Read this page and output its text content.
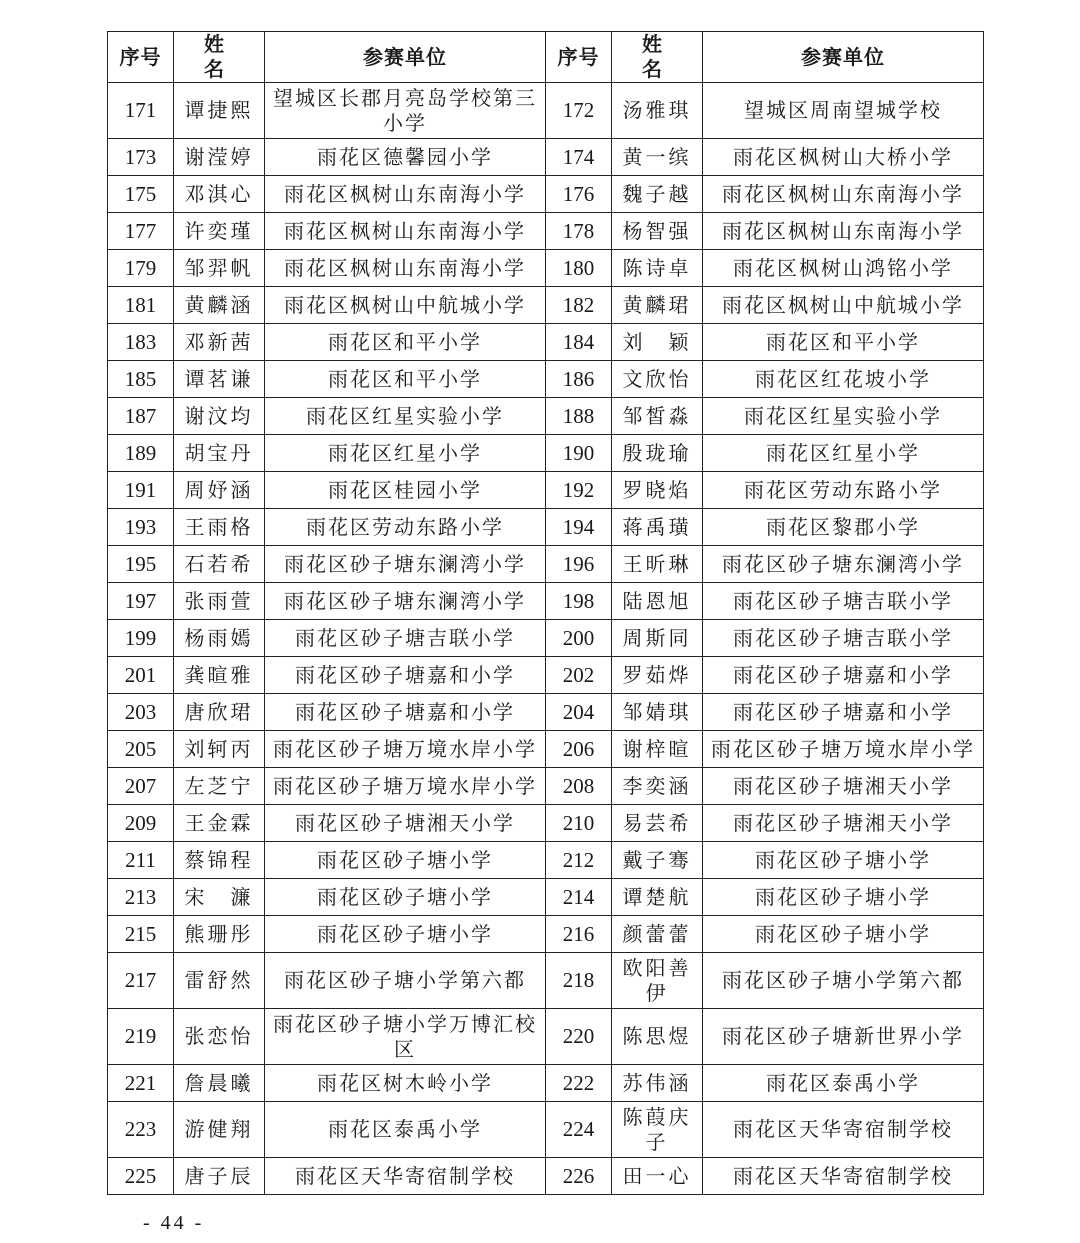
序号	姓　名	参赛单位	序号	姓　名	参赛单位
171	谭捷熙	望城区长郡月亮岛学校第三小学	172	汤雅琪	望城区周南望城学校
173	谢滢婷	雨花区德馨园小学	174	黄一缤	雨花区枫树山大桥小学
175	邓淇心	雨花区枫树山东南海小学	176	魏子越	雨花区枫树山东南海小学
177	许奕瑾	雨花区枫树山东南海小学	178	杨智强	雨花区枫树山东南海小学
179	邹羿帆	雨花区枫树山东南海小学	180	陈诗卓	雨花区枫树山鸿铭小学
181	黄麟涵	雨花区枫树山中航城小学	182	黄麟珺	雨花区枫树山中航城小学
183	邓新茜	雨花区和平小学	184	刘　颖	雨花区和平小学
185	谭茗谦	雨花区和平小学	186	文欣怡	雨花区红花坡小学
187	谢汶均	雨花区红星实验小学	188	邹皙淼	雨花区红星实验小学
189	胡宝丹	雨花区红星小学	190	殷珑瑜	雨花区红星小学
191	周妤涵	雨花区桂园小学	192	罗晓焰	雨花区劳动东路小学
193	王雨格	雨花区劳动东路小学	194	蒋禹璜	雨花区黎郡小学
195	石若希	雨花区砂子塘东澜湾小学	196	王昕琳	雨花区砂子塘东澜湾小学
197	张雨萱	雨花区砂子塘东澜湾小学	198	陆恩旭	雨花区砂子塘吉联小学
199	杨雨嫣	雨花区砂子塘吉联小学	200	周斯同	雨花区砂子塘吉联小学
201	龚暄雅	雨花区砂子塘嘉和小学	202	罗茹烨	雨花区砂子塘嘉和小学
203	唐欣珺	雨花区砂子塘嘉和小学	204	邹婧琪	雨花区砂子塘嘉和小学
205	刘轲丙	雨花区砂子塘万境水岸小学	206	谢梓暄	雨花区砂子塘万境水岸小学
207	左芝宁	雨花区砂子塘万境水岸小学	208	李奕涵	雨花区砂子塘湘天小学
209	王金霖	雨花区砂子塘湘天小学	210	易芸希	雨花区砂子塘湘天小学
211	蔡锦程	雨花区砂子塘小学	212	戴子骞	雨花区砂子塘小学
213	宋　濂	雨花区砂子塘小学	214	谭楚航	雨花区砂子塘小学
215	熊珊彤	雨花区砂子塘小学	216	颜蕾蕾	雨花区砂子塘小学
217	雷舒然	雨花区砂子塘小学第六都	218	欧阳善伊	雨花区砂子塘小学第六都
219	张恋怡	雨花区砂子塘小学万博汇校区	220	陈思煜	雨花区砂子塘新世界小学
221	詹晨曦	雨花区树木岭小学	222	苏伟涵	雨花区泰禹小学
223	游健翔	雨花区泰禹小学	224	陈葭庆子	雨花区天华寄宿制学校
225	唐子辰	雨花区天华寄宿制学校	226	田一心	雨花区天华寄宿制学校
- 44 -
